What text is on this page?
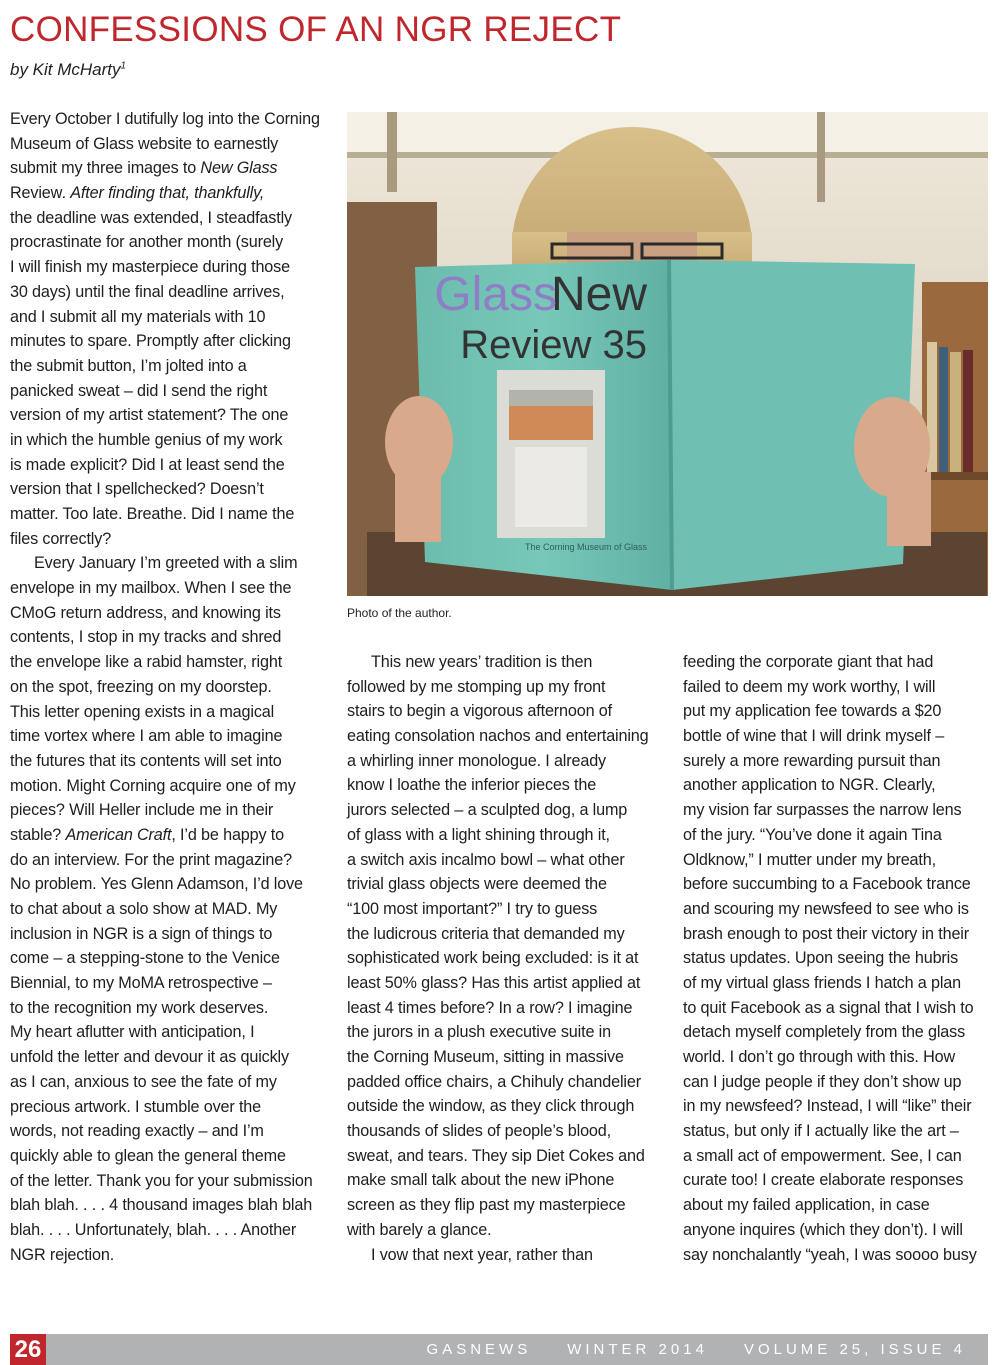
CONFESSIONS OF AN NGR REJECT
by Kit McHarty$^1$
Every October I dutifully log into the Corning
Museum of Glass website to earnestly
submit my three images to New Glass
Review. After finding that, thankfully,
the deadline was extended, I steadfastly
procrastinate for another month (surely
I will finish my masterpiece during those
30 days) until the final deadline arrives,
and I submit all my materials with 10
minutes to spare. Promptly after clicking
the submit button, I’m jolted into a
panicked sweat – did I send the right
version of my artist statement? The one
in which the humble genius of my work
is made explicit? Did I at least send the
version that I spellchecked? Doesn’t
matter. Too late. Breathe. Did I name the
files correctly?
Every January I’m greeted with a slim
envelope in my mailbox. When I see the
CMoG return address, and knowing its
contents, I stop in my tracks and shred
the envelope like a rabid hamster, right
on the spot, freezing on my doorstep.
This letter opening exists in a magical
time vortex where I am able to imagine
the futures that its contents will set into
motion. Might Corning acquire one of my
pieces? Will Heller include me in their
stable? American Craft, I’d be happy to
do an interview. For the print magazine?
No problem. Yes Glenn Adamson, I’d love
to chat about a solo show at MAD. My
inclusion in NGR is a sign of things to
come – a stepping-stone to the Venice
Biennial, to my MoMA retrospective –
to the recognition my work deserves.
My heart aflutter with anticipation, I
unfold the letter and devour it as quickly
as I can, anxious to see the fate of my
precious artwork. I stumble over the
words, not reading exactly – and I’m
quickly able to glean the general theme
of the letter. Thank you for your submission
blah blah. . . . 4 thousand images blah blah
blah. . . . Unfortunately, blah. . . . Another
NGR rejection.
New
Glass
Review 35
The Corning Museum of Glass
Photo of the author.
This new years’ tradition is then
followed by me stomping up my front
stairs to begin a vigorous afternoon of
eating consolation nachos and entertaining
a whirling inner monologue. I already
know I loathe the inferior pieces the
jurors selected – a sculpted dog, a lump
of glass with a light shining through it,
a switch axis incalmo bowl – what other
trivial glass objects were deemed the
“100 most important?” I try to guess
the ludicrous criteria that demanded my
sophisticated work being excluded: is it at
least 50% glass? Has this artist applied at
least 4 times before? In a row? I imagine
the jurors in a plush executive suite in
the Corning Museum, sitting in massive
padded office chairs, a Chihuly chandelier
outside the window, as they click through
thousands of slides of people’s blood,
sweat, and tears. They sip Diet Cokes and
make small talk about the new iPhone
screen as they flip past my masterpiece
with barely a glance.
I vow that next year, rather than
feeding the corporate giant that had
failed to deem my work worthy, I will
put my application fee towards a $20
bottle of wine that I will drink myself –
surely a more rewarding pursuit than
another application to NGR. Clearly,
my vision far surpasses the narrow lens
of the jury. “You’ve done it again Tina
Oldknow,” I mutter under my breath,
before succumbing to a Facebook trance
and scouring my newsfeed to see who is
brash enough to post their victory in their
status updates. Upon seeing the hubris
of my virtual glass friends I hatch a plan
to quit Facebook as a signal that I wish to
detach myself completely from the glass
world. I don’t go through with this. How
can I judge people if they don’t show up
in my newsfeed? Instead, I will “like” their
status, but only if I actually like the art –
a small act of empowerment. See, I can
curate too! I create elaborate responses
about my failed application, in case
anyone inquires (which they don’t). I will
say nonchalantly “yeah, I was soooo busy
26	GASNEWS WINTER 2014 VOLUME 25, ISSUE 4
